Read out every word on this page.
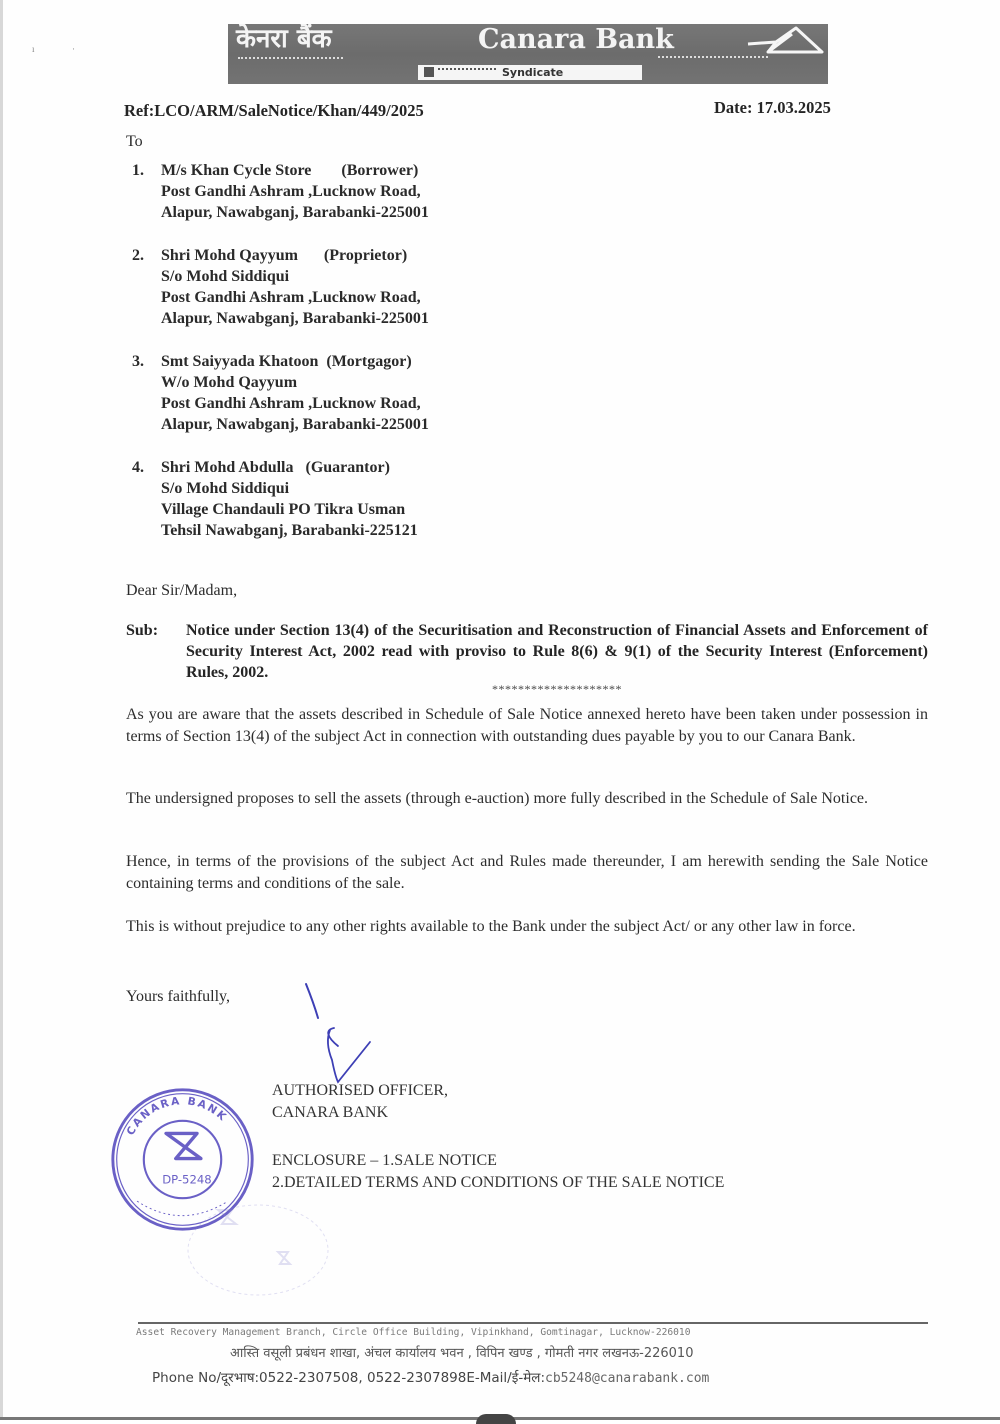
ı	·	केनरा बैंक	Canara Bank
Syndicate
Ref:LCO/ARM/SaleNotice/Khan/449/2025	Date: 17.03.2025
To
1. M/s Khan Cycle Store (Borrower)
Post Gandhi Ashram ,Lucknow Road,
Alapur, Nawabganj, Barabanki-225001
2. Shri Mohd Qayyum (Proprietor)
S/o Mohd Siddiqui
Post Gandhi Ashram ,Lucknow Road,
Alapur, Nawabganj, Barabanki-225001
3. Smt Saiyyada Khatoon (Mortgagor)
W/o Mohd Qayyum
Post Gandhi Ashram ,Lucknow Road,
Alapur, Nawabganj, Barabanki-225001
4. Shri Mohd Abdulla (Guarantor)
S/o Mohd Siddiqui
Village Chandauli PO Tikra Usman
Tehsil Nawabganj, Barabanki-225121
Dear Sir/Madam,
Sub: Notice under Section 13(4) of the Securitisation and Reconstruction of Financial Assets and Enforcement of Security Interest Act, 2002 read with proviso to Rule 8(6) & 9(1) of the Security Interest (Enforcement) Rules, 2002.
********************
As you are aware that the assets described in Schedule of Sale Notice annexed hereto have been taken under possession in terms of Section 13(4) of the subject Act in connection with outstanding dues payable by you to our Canara Bank.
The undersigned proposes to sell the assets (through e-auction) more fully described in the Schedule of Sale Notice.
Hence, in terms of the provisions of the subject Act and Rules made thereunder, I am herewith sending the Sale Notice containing terms and conditions of the sale.
This is without prejudice to any other rights available to the Bank under the subject Act/ or any other law in force.
Yours faithfully,
CANARA BANK
DP-5248
AUTHORISED OFFICER,
CANARA BANK
ENCLOSURE – 1.SALE NOTICE
2.DETAILED TERMS AND CONDITIONS OF THE SALE NOTICE
Asset Recovery Management Branch, Circle Office Building, Vipinkhand, Gomtinagar, Lucknow-226010
आस्ति वसूली प्रबंधन शाखा, अंचल कार्यालय भवन , विपिन खण्ड , गोमती नगर लखनऊ-226010
Phone No/दूरभाष:0522-2307508, 0522-2307898E-Mail/ई-मेल:cb5248@canarabank.com
